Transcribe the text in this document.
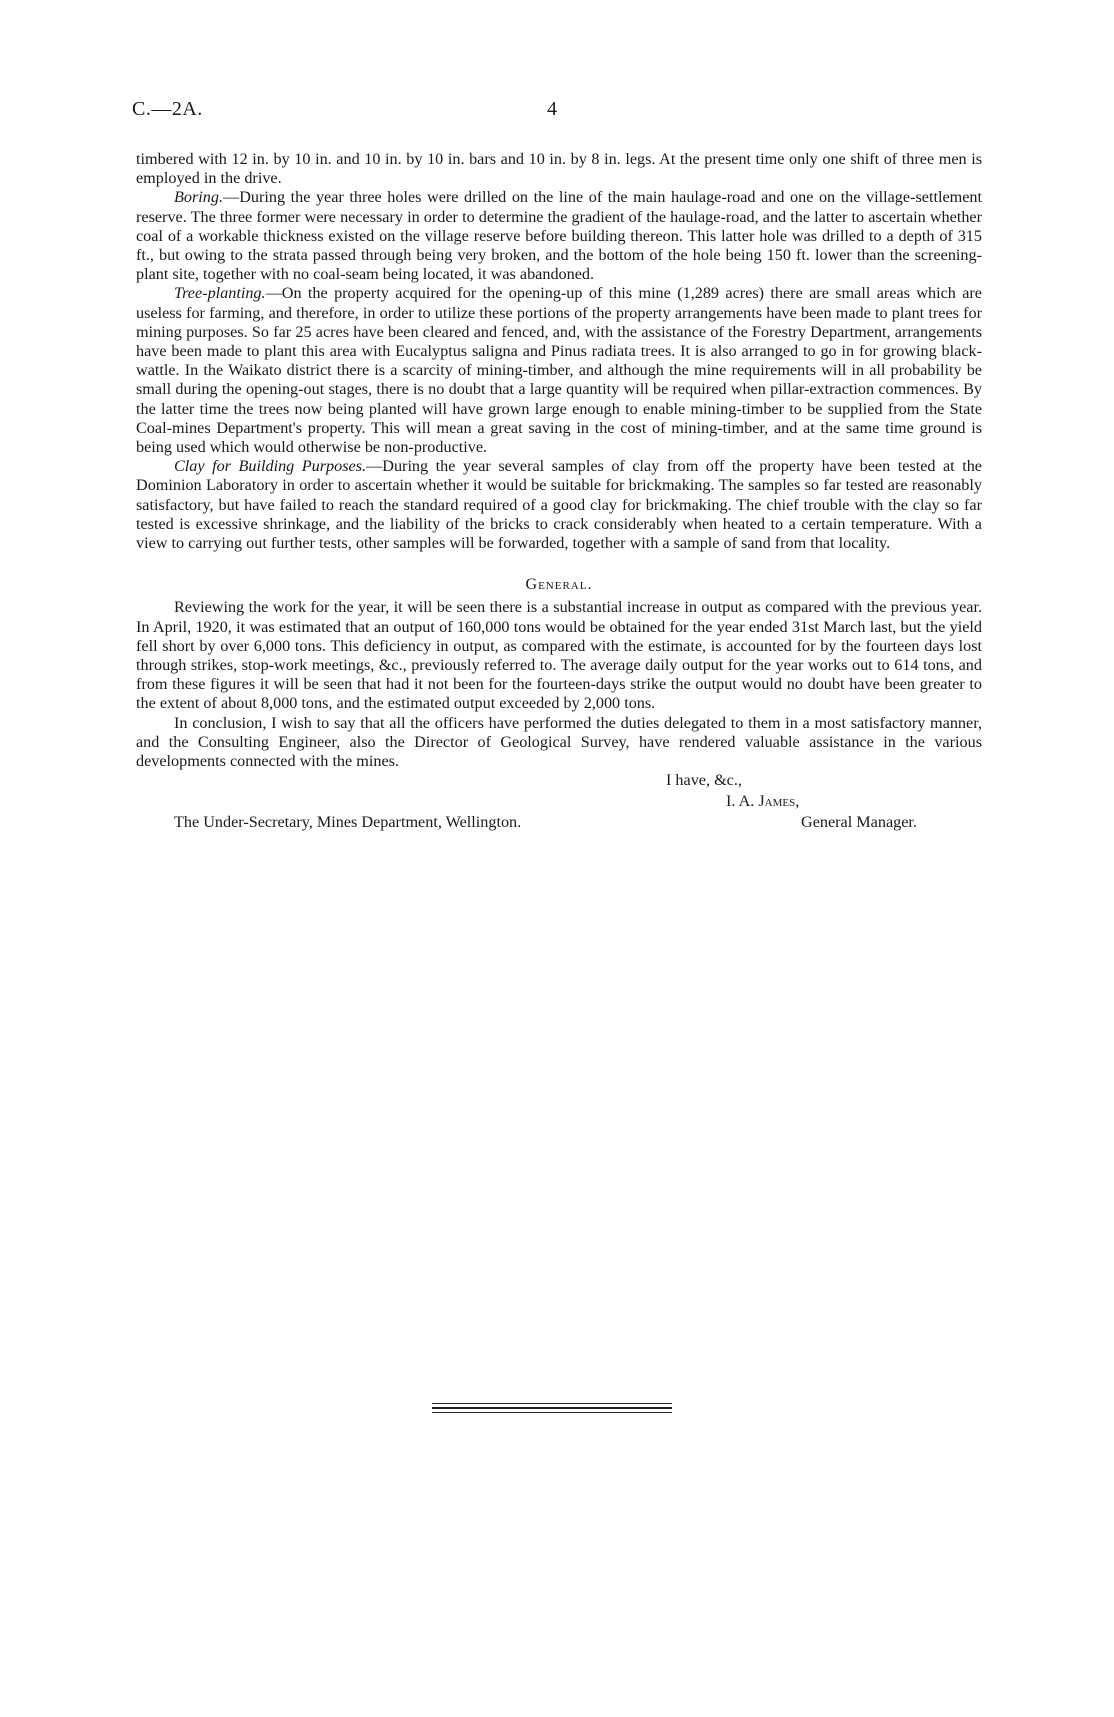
C.—2A.	4

timbered with 12 in. by 10 in. and 10 in. by 10 in. bars and 10 in. by 8 in. legs. At the present time only one shift of three men is employed in the drive.

Boring.—During the year three holes were drilled on the line of the main haulage-road and one on the village-settlement reserve. The three former were necessary in order to determine the gradient of the haulage-road, and the latter to ascertain whether coal of a workable thickness existed on the village reserve before building thereon. This latter hole was drilled to a depth of 315 ft., but owing to the strata passed through being very broken, and the bottom of the hole being 150 ft. lower than the screening-plant site, together with no coal-seam being located, it was abandoned.

Tree-planting.—On the property acquired for the opening-up of this mine (1,289 acres) there are small areas which are useless for farming, and therefore, in order to utilize these portions of the property arrangements have been made to plant trees for mining purposes. So far 25 acres have been cleared and fenced, and, with the assistance of the Forestry Department, arrangements have been made to plant this area with Eucalyptus saligna and Pinus radiata trees. It is also arranged to go in for growing black-wattle. In the Waikato district there is a scarcity of mining-timber, and although the mine requirements will in all probability be small during the opening-out stages, there is no doubt that a large quantity will be required when pillar-extraction commences. By the latter time the trees now being planted will have grown large enough to enable mining-timber to be supplied from the State Coal-mines Department's property. This will mean a great saving in the cost of mining-timber, and at the same time ground is being used which would otherwise be non-productive.

Clay for Building Purposes.—During the year several samples of clay from off the property have been tested at the Dominion Laboratory in order to ascertain whether it would be suitable for brickmaking. The samples so far tested are reasonably satisfactory, but have failed to reach the standard required of a good clay for brickmaking. The chief trouble with the clay so far tested is excessive shrinkage, and the liability of the bricks to crack considerably when heated to a certain temperature. With a view to carrying out further tests, other samples will be forwarded, together with a sample of sand from that locality.

General.

Reviewing the work for the year, it will be seen there is a substantial increase in output as compared with the previous year. In April, 1920, it was estimated that an output of 160,000 tons would be obtained for the year ended 31st March last, but the yield fell short by over 6,000 tons. This deficiency in output, as compared with the estimate, is accounted for by the fourteen days lost through strikes, stop-work meetings, &c., previously referred to. The average daily output for the year works out to 614 tons, and from these figures it will be seen that had it not been for the fourteen-days strike the output would no doubt have been greater to the extent of about 8,000 tons, and the estimated output exceeded by 2,000 tons.

In conclusion, I wish to say that all the officers have performed the duties delegated to them in a most satisfactory manner, and the Consulting Engineer, also the Director of Geological Survey, have rendered valuable assistance in the various developments connected with the mines.

I have, &c.,
I. A. James,
The Under-Secretary, Mines Department, Wellington.	General Manager.
